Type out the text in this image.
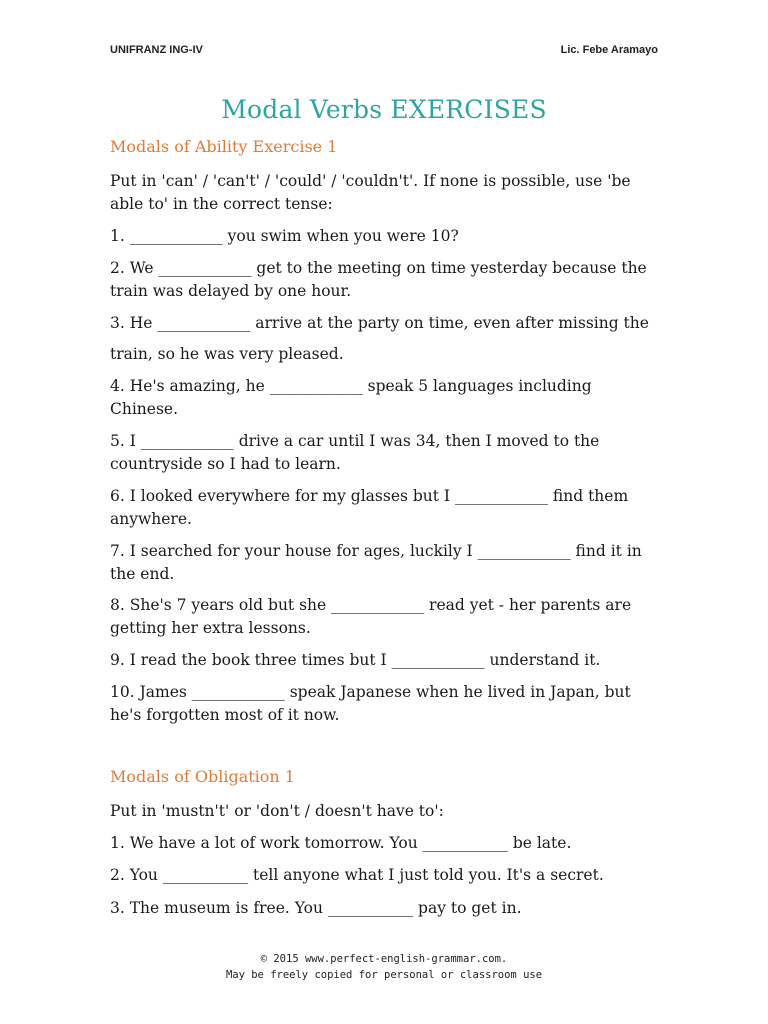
UNIFRANZ ING-IV	Lic. Febe Aramayo
Modal Verbs EXERCISES
Modals of Ability Exercise 1
Put in 'can' / 'can't' / 'could' / 'couldn't'. If none is possible, use 'be able to' in the correct tense:
1. ____________ you swim when you were 10?
2. We ____________ get to the meeting on time yesterday because the train was delayed by one hour.
3. He ____________ arrive at the party on time, even after missing the
train, so he was very pleased.
4. He's amazing, he ____________ speak 5 languages including Chinese.
5. I ____________ drive a car until I was 34, then I moved to the countryside so I had to learn.
6. I looked everywhere for my glasses but I ____________ find them anywhere.
7. I searched for your house for ages, luckily I ____________ find it in the end.
8. She's 7 years old but she ____________ read yet - her parents are getting her extra lessons.
9. I read the book three times but I ____________ understand it.
10. James ____________ speak Japanese when he lived in Japan, but he's forgotten most of it now.
Modals of Obligation 1
Put in 'mustn't' or 'don't / doesn't have to':
1. We have a lot of work tomorrow. You ___________ be late.
2. You ___________ tell anyone what I just told you. It's a secret.
3. The museum is free. You ___________ pay to get in.
© 2015 www.perfect-english-grammar.com.
May be freely copied for personal or classroom use
